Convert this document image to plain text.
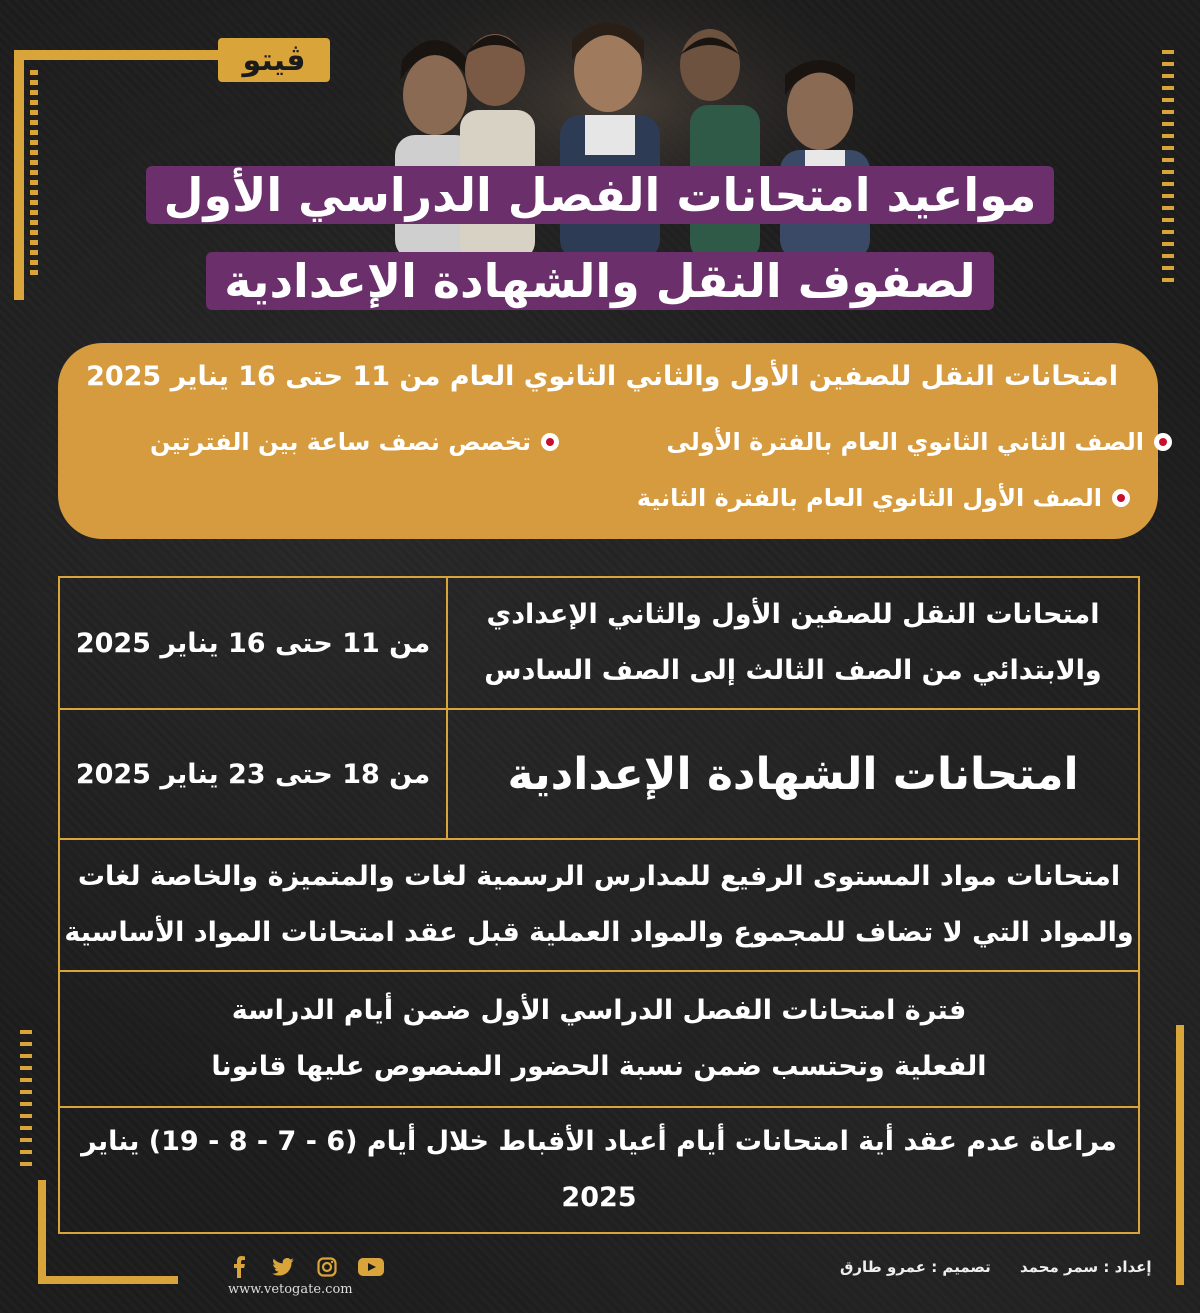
ڤيتو
مواعيد امتحانات الفصل الدراسي الأول
لصفوف النقل والشهادة الإعدادية
امتحانات النقل للصفين الأول والثاني الثانوي العام من 11 حتى 16 يناير 2025
الصف الثاني الثانوي العام بالفترة الأولى
تخصص نصف ساعة بين الفترتين
الصف الأول الثانوي العام بالفترة الثانية
من 11 حتى 16 يناير 2025
امتحانات النقل للصفين الأول والثاني الإعدادي
والابتدائي من الصف الثالث إلى الصف السادس
من 18 حتى 23 يناير 2025	امتحانات الشهادة الإعدادية
امتحانات مواد المستوى الرفيع للمدارس الرسمية لغات والمتميزة والخاصة لغات
والمواد التي لا تضاف للمجموع والمواد العملية قبل عقد امتحانات المواد الأساسية
فترة امتحانات الفصل الدراسي الأول ضمن أيام الدراسة
الفعلية وتحتسب ضمن نسبة الحضور المنصوص عليها قانونا
مراعاة عدم عقد أية امتحانات أيام أعياد الأقباط خلال أيام (6 - 7 - 8 - 19) يناير 2025
إعداد : سمر محمد
تصميم : عمرو طارق
www.vetogate.com
